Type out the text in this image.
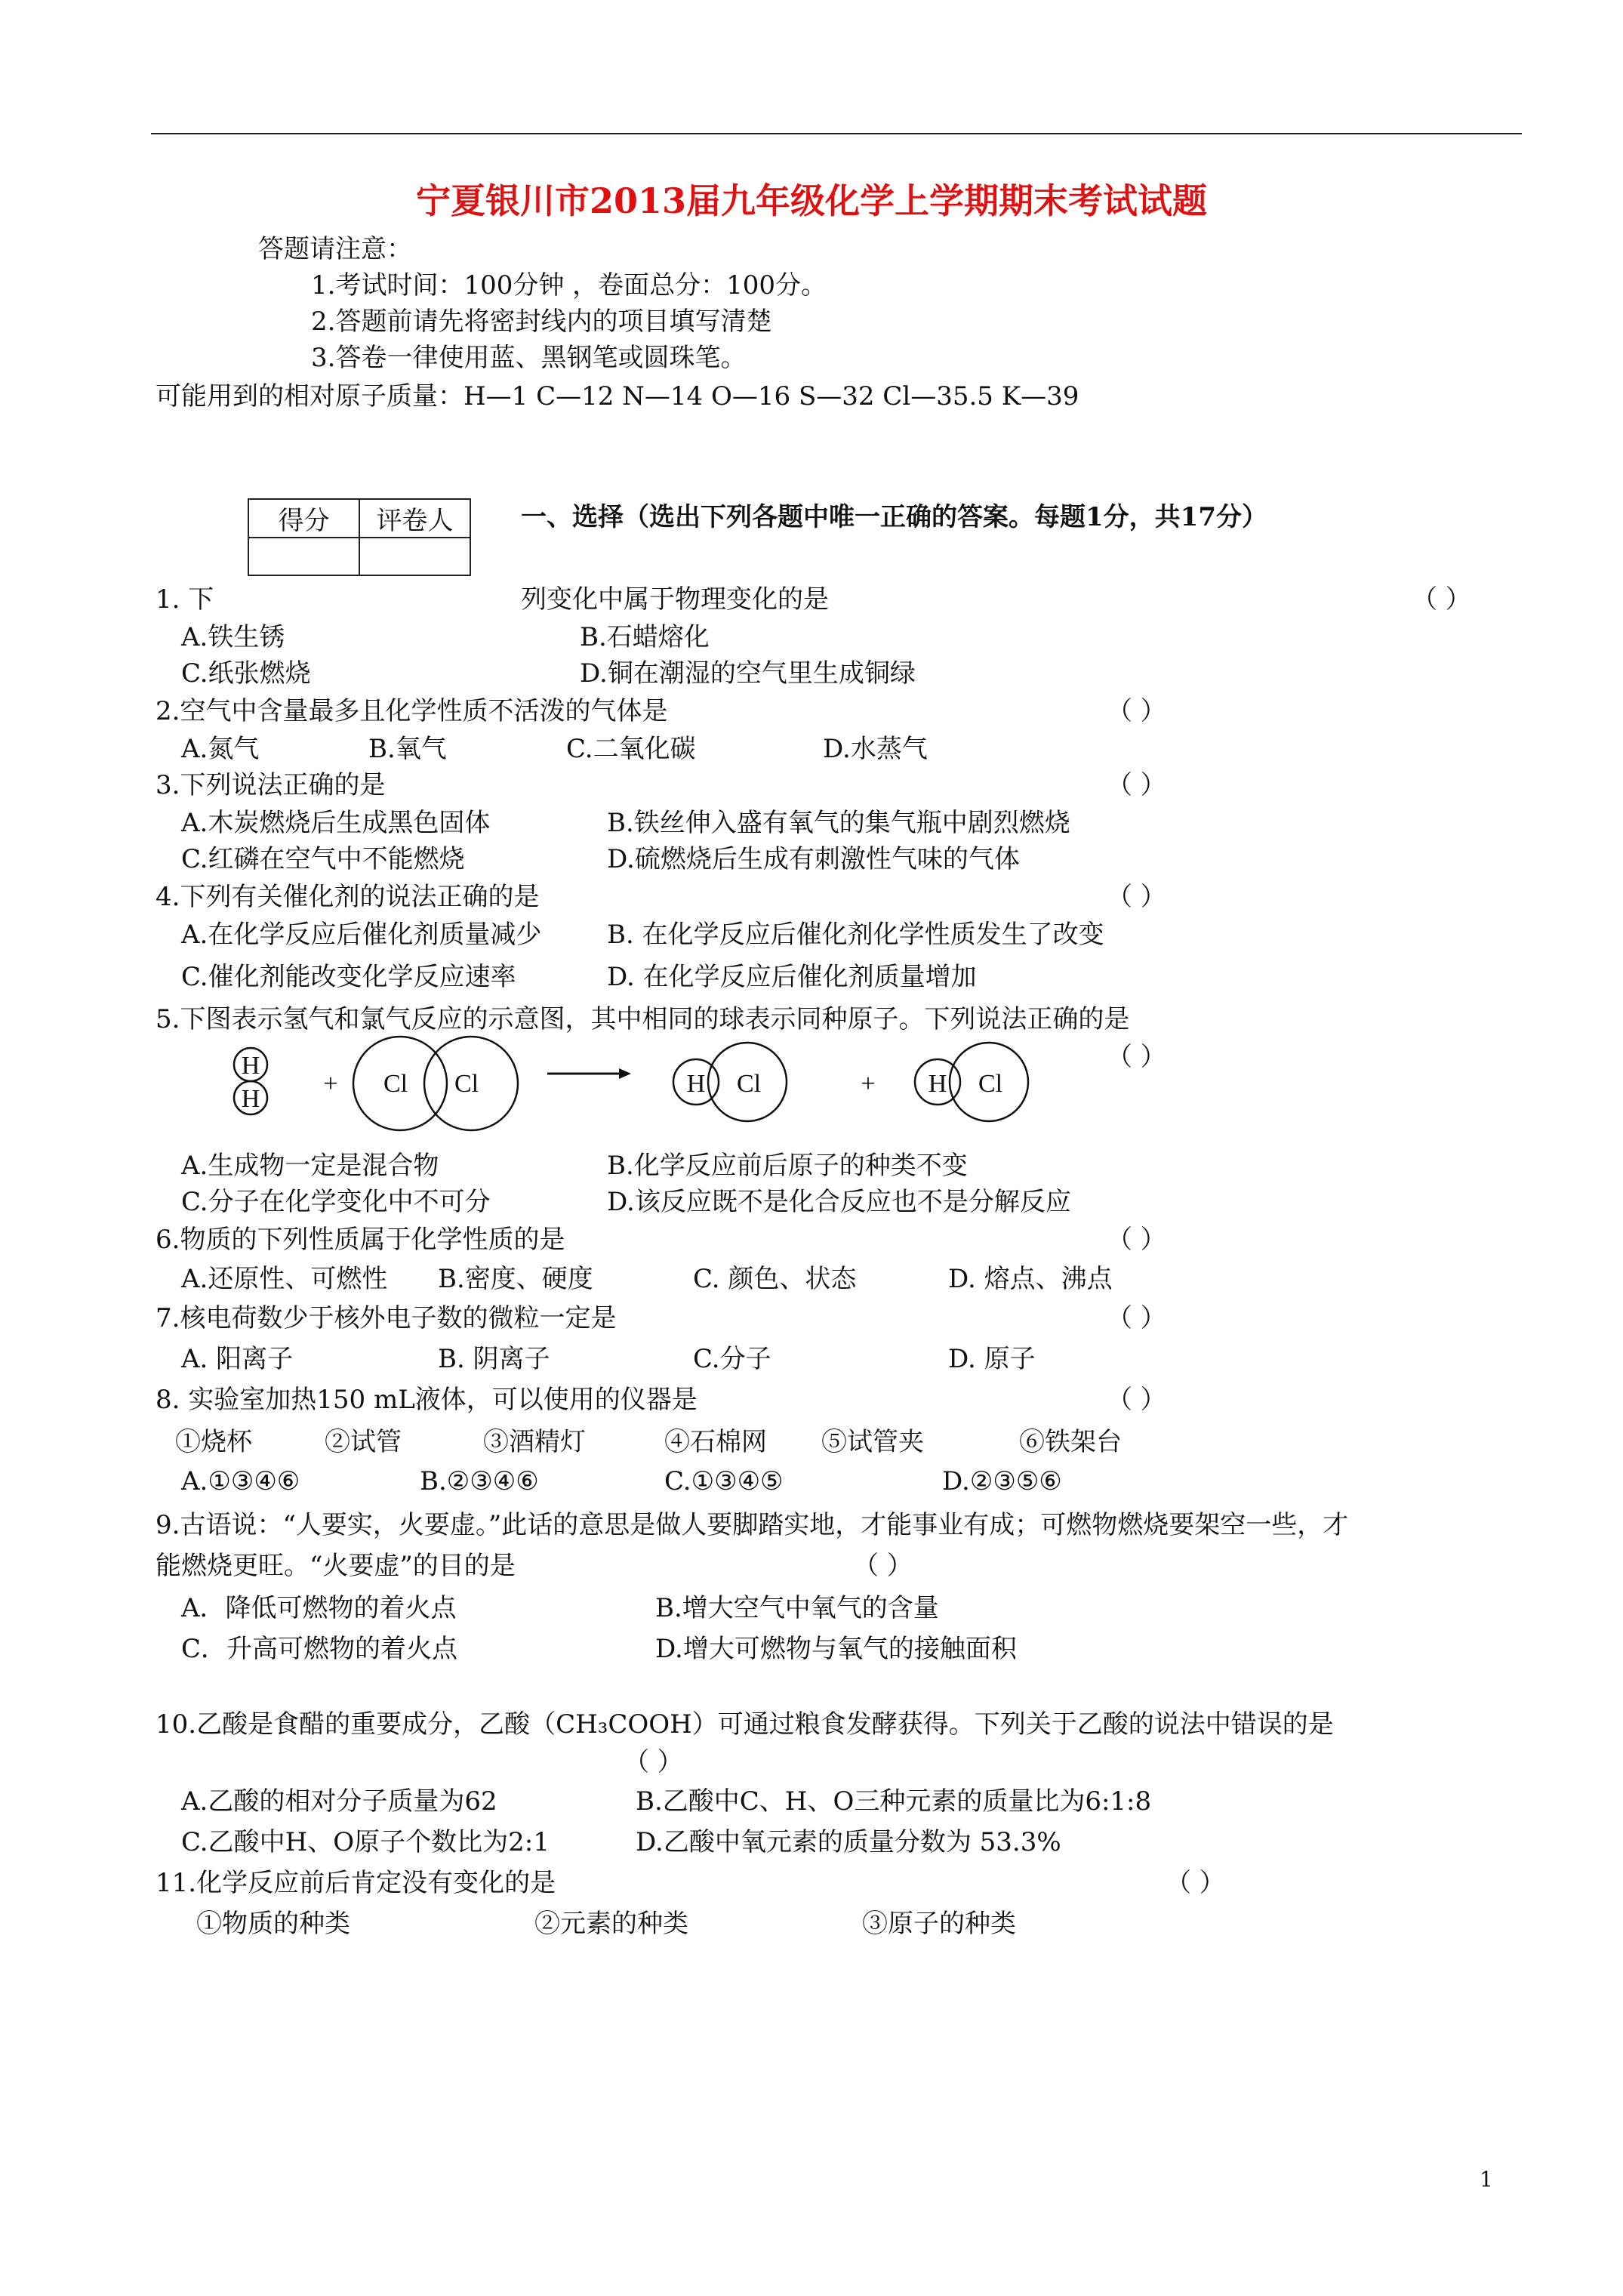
宁夏银川市2013届九年级化学上学期期末考试试题
答题请注意：
1.考试时间：100分钟 ，卷面总分：100分。
2.答题前请先将密封线内的项目填写清楚
3.答卷一律使用蓝、黑钢笔或圆珠笔。
可能用到的相对原子质量：H—1 C—12 N—14 O—16 S—32 Cl—35.5 K—39
得分	评卷人
		一、选择（选出下列各题中唯一正确的答案。每题1分，共17分）
1. 下	列变化中属于物理变化的是	（ ）
A.铁生锈	B.石蜡熔化
C.纸张燃烧	D.铜在潮湿的空气里生成铜绿
2.空气中含量最多且化学性质不活泼的气体是	（ ）
A.氮气	B.氧气	C.二氧化碳	D.水蒸气
3.下列说法正确的是	（ ）
A.木炭燃烧后生成黑色固体	B.铁丝伸入盛有氧气的集气瓶中剧烈燃烧
C.红磷在空气中不能燃烧	D.硫燃烧后生成有刺激性气味的气体
4.下列有关催化剂的说法正确的是	（ ）
A.在化学反应后催化剂质量减少	B. 在化学反应后催化剂化学性质发生了改变
C.催化剂能改变化学反应速率	D. 在化学反应后催化剂质量增加
5.下图表示氢气和氯气反应的示意图，其中相同的球表示同种原子。下列说法正确的是
（ ）
H
H
+ Cl Cl	H Cl	+ H Cl
A.生成物一定是混合物	B.化学反应前后原子的种类不变
C.分子在化学变化中不可分	D.该反应既不是化合反应也不是分解反应
6.物质的下列性质属于化学性质的是	（ ）
A.还原性、可燃性 B.密度、硬度	C. 颜色、状态	D. 熔点、沸点
7.核电荷数少于核外电子数的微粒一定是	（ ）
A. 阳离子	B. 阴离子	C.分子	D. 原子
8. 实验室加热150 mL液体，可以使用的仪器是	（ ）
①烧杯	②试管	③酒精灯	④石棉网 ⑤试管夹	⑥铁架台
A.①③④⑥	B.②③④⑥	C.①③④⑤	D.②③⑤⑥
9.古语说：“人要实，火要虚。”此话的意思是做人要脚踏实地，才能事业有成；可燃物燃烧要架空一些，才
能燃烧更旺。“火要虚”的目的是	（ ）
A．降低可燃物的着火点	B.增大空气中氧气的含量
C．升高可燃物的着火点	D.增大可燃物与氧气的接触面积
10.乙酸是食醋的重要成分，乙酸（CH₃COOH）可通过粮食发酵获得。下列关于乙酸的说法中错误的是
（ ）
A.乙酸的相对分子质量为62	B.乙酸中C、H、O三种元素的质量比为6:1:8
C.乙酸中H、O原子个数比为2:1	D.乙酸中氧元素的质量分数为 53.3%
11.化学反应前后肯定没有变化的是	（ ）
①物质的种类	②元素的种类	③原子的种类
1
